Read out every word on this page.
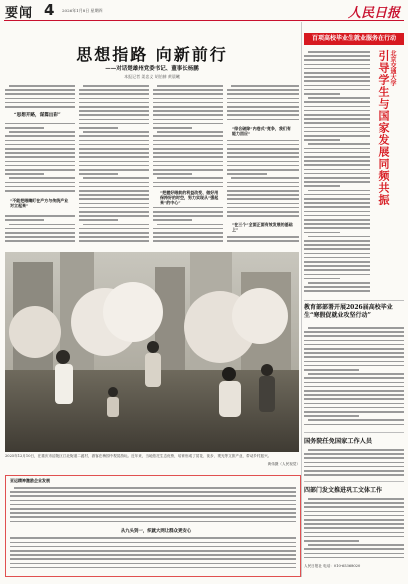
要闻 4 2026年1月8日 星期四	人民日报
思想指路 向新前行
——对话楚雄州党委书记、董事长杨鹏
本报记者 姜忠义 胡伯赫 黄晨曦
“思想开路，谋篇出彩”
“不能把眼睛盯在产方与传统产业对立起来”
“把握好眼前的利益改变、做好用保持好的时空，努力实现从“强起来”的中心”
“综合破除“内卷式”竞争，我们有能力回应”
“在三个“全面正面有效发展的基础上”
2025年12月10日，在重庆市涪陵区江北街道二渡村，游客在梅园中观赏游玩。近年来，当地依托生态优势，培育形成了赏花、徒步、观光等文旅产业，带动乡村振兴。
黄伟摄（人民视觉）
从九头到一，织就大网让群众更安心
亚运精神激励企业发展
百项高校毕业生就业服务在行动
北京交通大学
引导学生与国家发展同频共振
教育部部署开展2026届高校毕业生“寒假促就业攻坚行动”
国务院任免国家工作人员
四部门发文推进巩工文体工作
人民日报社 电话：010-65368020
